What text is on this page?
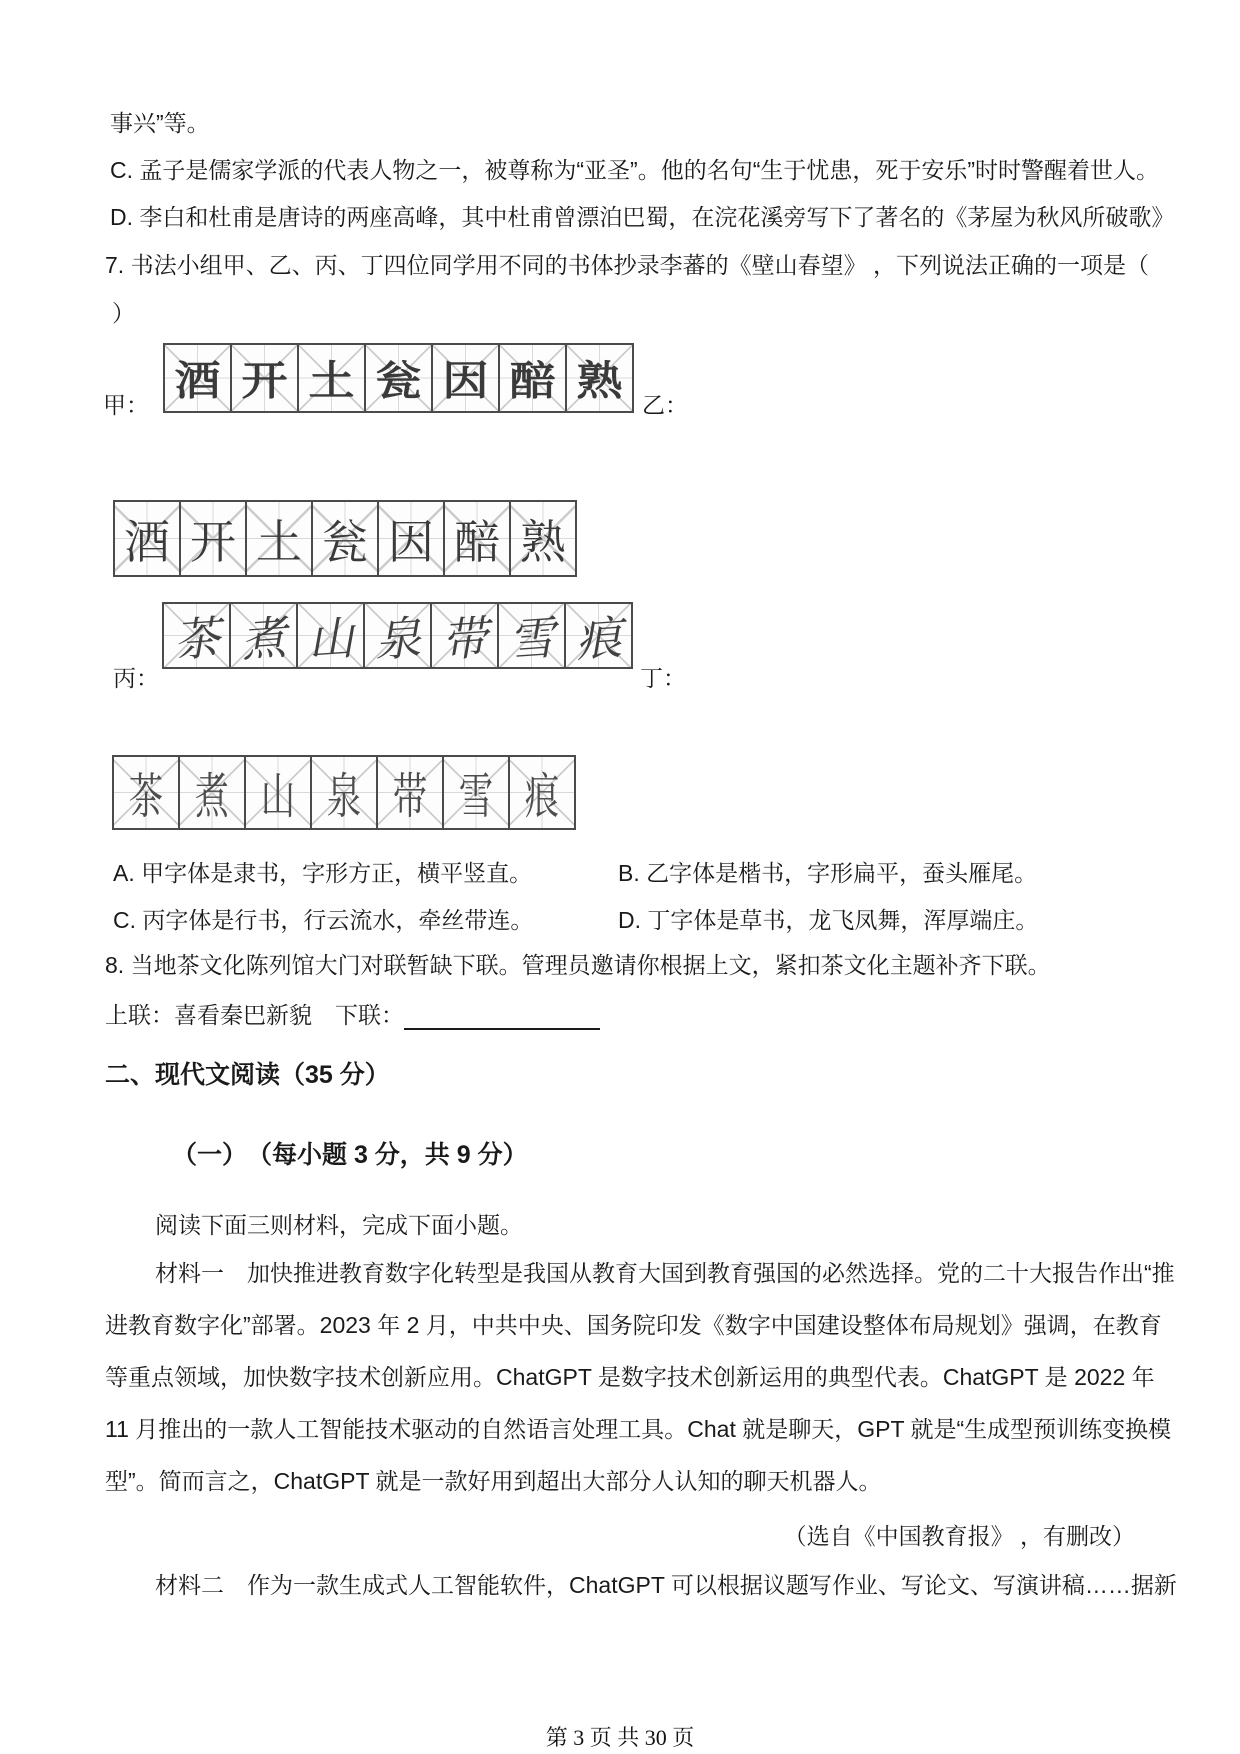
事兴”等。
C. 孟子是儒家学派的代表人物之一，被尊称为“亚圣”。他的名句“生于忧患，死于安乐”时时警醒着世人。
D. 李白和杜甫是唐诗的两座高峰，其中杜甫曾漂泊巴蜀，在浣花溪旁写下了著名的《茅屋为秋风所破歌》
7. 书法小组甲、乙、丙、丁四位同学用不同的书体抄录李蕃的《壁山春望》 ，下列说法正确的一项是（
）
酒 开 土 瓮 因 醅 熟
甲：	乙：
酒 开 土 瓮 因 醅 熟
茶 煮 山 泉 带 雪 痕
丙：	丁：
茶 煮 山 泉 带 雪 痕
A. 甲字体是隶书，字形方正，横平竖直。	B. 乙字体是楷书，字形扁平，蚕头雁尾。
C. 丙字体是行书，行云流水，牵丝带连。	D. 丁字体是草书，龙飞凤舞，浑厚端庄。
8. 当地茶文化陈列馆大门对联暂缺下联。管理员邀请你根据上文，紧扣茶文化主题补齐下联。
上联：喜看秦巴新貌　下联：
二、现代文阅读（35 分）
（一）　（每小题 3 分，共 9 分）
阅读下面三则材料，完成下面小题。
材料一　加快推进教育数字化转型是我国从教育大国到教育强国的必然选择。党的二十大报告作出“推
进教育数字化”部署。2023 年 2 月，中共中央、国务院印发《数字中国建设整体布局规划》强调，在教育
等重点领域，加快数字技术创新应用。ChatGPT 是数字技术创新运用的典型代表。ChatGPT 是 2022 年
11 月推出的一款人工智能技术驱动的自然语言处理工具。Chat 就是聊天，GPT 就是“生成型预训练变换模
型”。简而言之，ChatGPT 就是一款好用到超出大部分人认知的聊天机器人。
（选自《中国教育报》 ，有删改）
材料二　作为一款生成式人工智能软件，ChatGPT 可以根据议题写作业、写论文、写演讲稿……据新
第 3 页 共 30 页
